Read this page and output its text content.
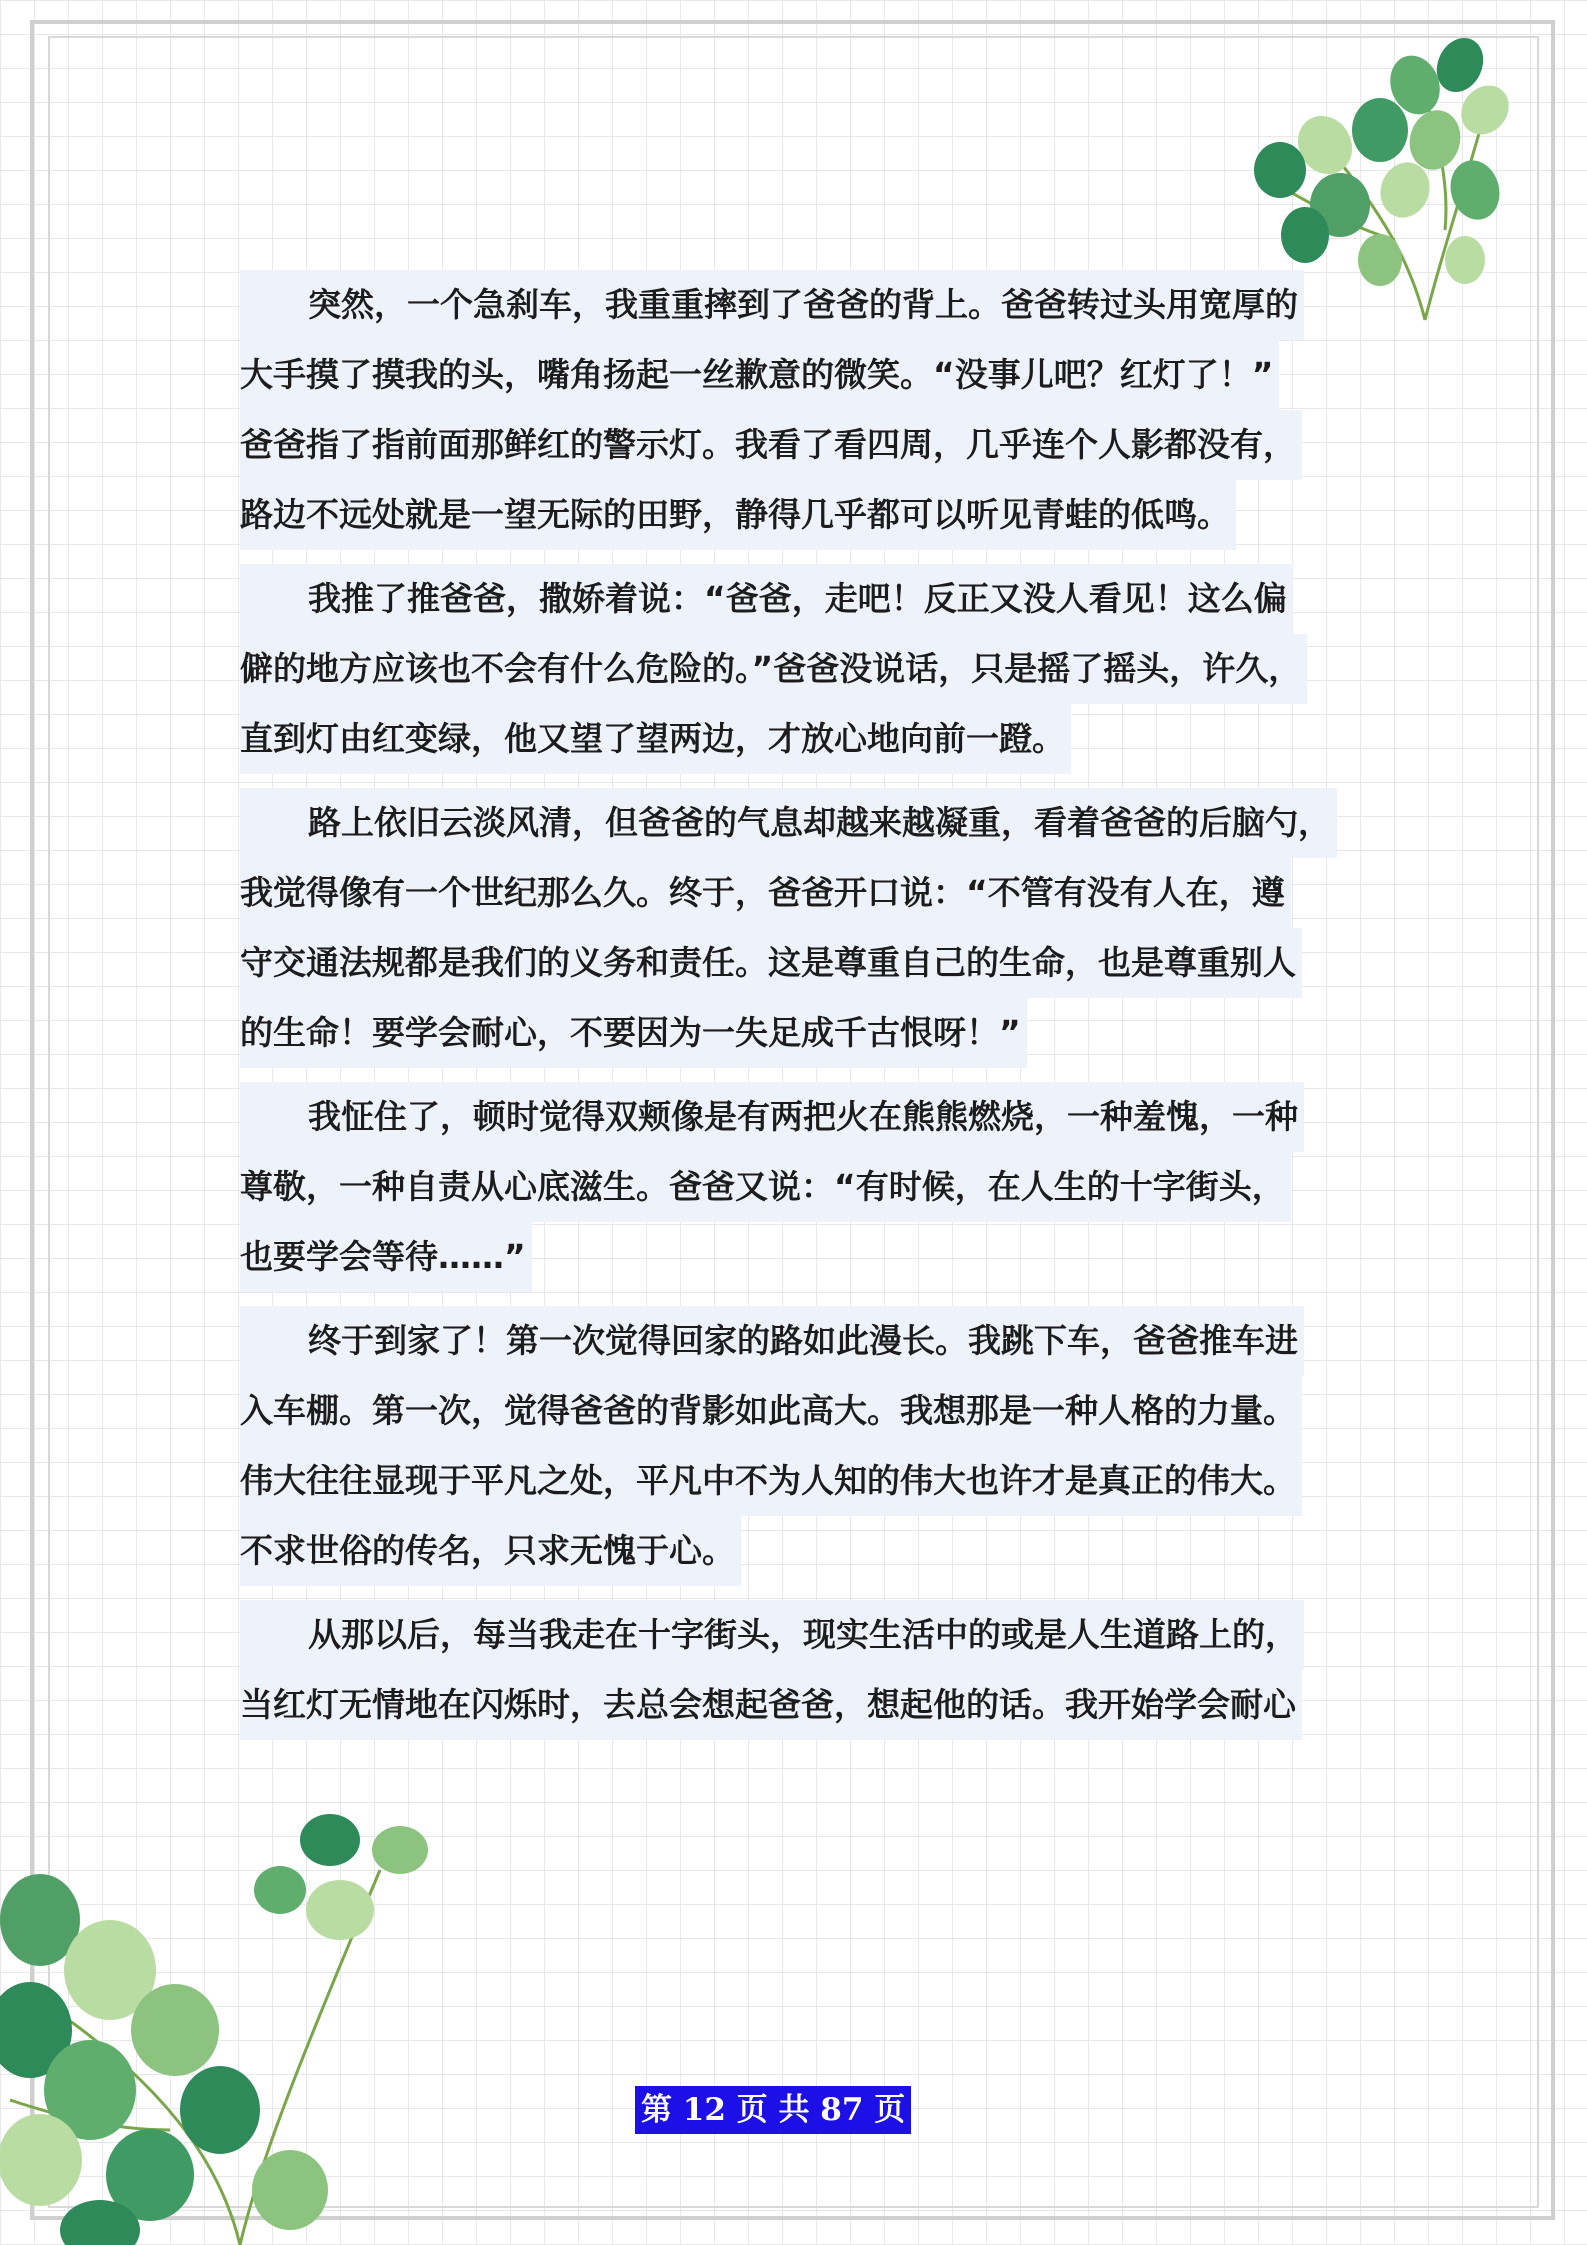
突然，一个急刹车，我重重摔到了爸爸的背上。爸爸转过头用宽厚的
大手摸了摸我的头，嘴角扬起一丝歉意的微笑。“没事儿吧？红灯了！”
爸爸指了指前面那鲜红的警示灯。我看了看四周，几乎连个人影都没有，
路边不远处就是一望无际的田野，静得几乎都可以听见青蛙的低鸣。
我推了推爸爸，撒娇着说：“爸爸，走吧！反正又没人看见！这么偏
僻的地方应该也不会有什么危险的。”爸爸没说话，只是摇了摇头，许久，
直到灯由红变绿，他又望了望两边，才放心地向前一蹬。
路上依旧云淡风清，但爸爸的气息却越来越凝重，看着爸爸的后脑勺，
我觉得像有一个世纪那么久。终于，爸爸开口说：“不管有没有人在，遵
守交通法规都是我们的义务和责任。这是尊重自己的生命，也是尊重别人
的生命！要学会耐心，不要因为一失足成千古恨呀！”
我怔住了，顿时觉得双颊像是有两把火在熊熊燃烧，一种羞愧，一种
尊敬，一种自责从心底滋生。爸爸又说：“有时候，在人生的十字街头，
也要学会等待……”
终于到家了！第一次觉得回家的路如此漫长。我跳下车，爸爸推车进
入车棚。第一次，觉得爸爸的背影如此高大。我想那是一种人格的力量。
伟大往往显现于平凡之处，平凡中不为人知的伟大也许才是真正的伟大。
不求世俗的传名，只求无愧于心。
从那以后，每当我走在十字街头，现实生活中的或是人生道路上的，
当红灯无情地在闪烁时，去总会想起爸爸，想起他的话。我开始学会耐心
第 12 页 共 87 页
